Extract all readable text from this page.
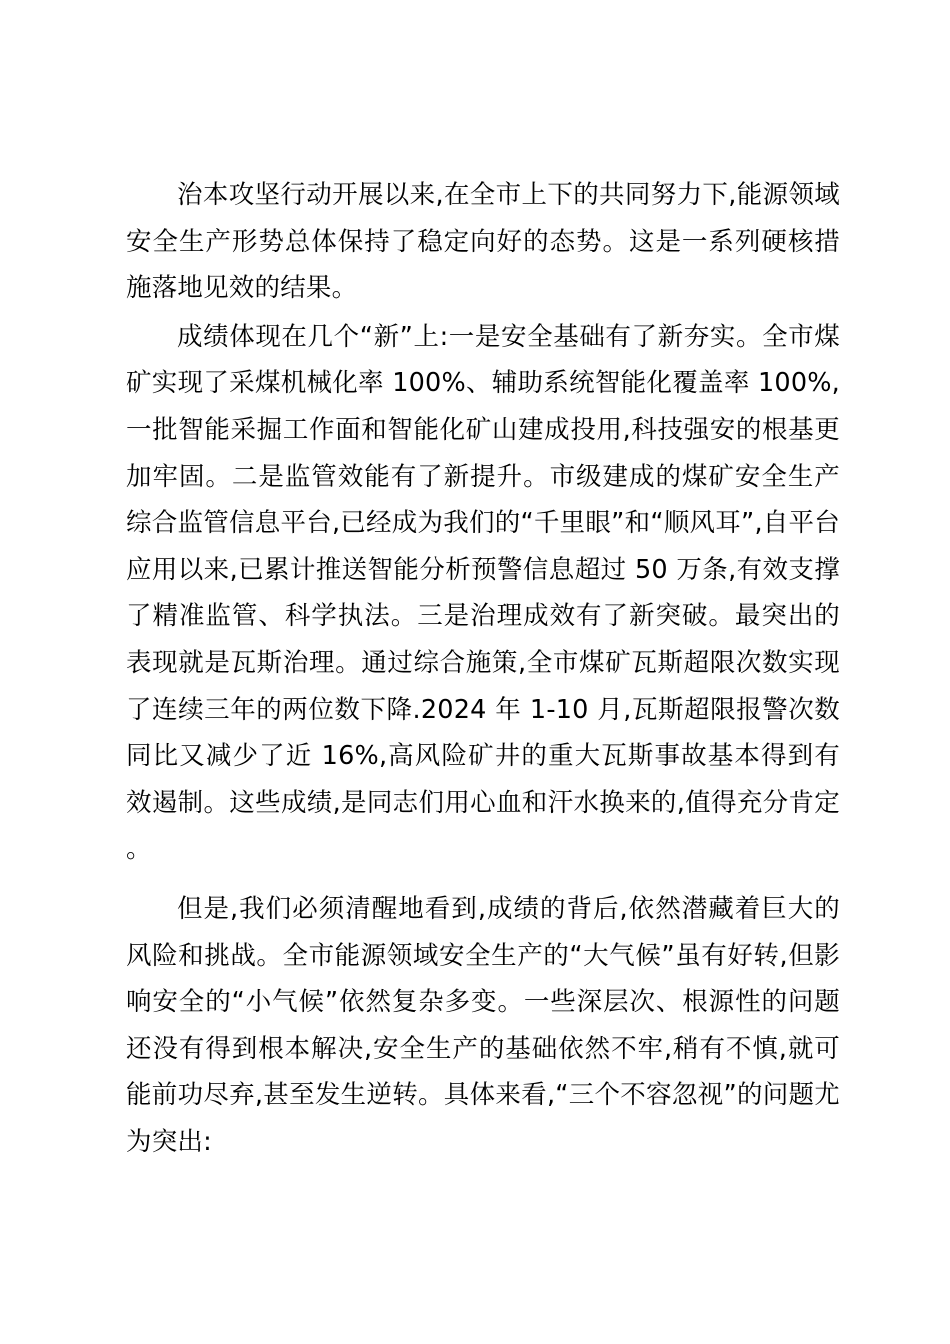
治本攻坚行动开展以来,在全市上下的共同努力下,能源领域安全生产形势总体保持了稳定向好的态势。这是一系列硬核措施落地见效的结果。

成绩体现在几个“新”上:一是安全基础有了新夯实。全市煤矿实现了采煤机械化率 100%、辅助系统智能化覆盖率 100%,一批智能采掘工作面和智能化矿山建成投用,科技强安的根基更加牢固。二是监管效能有了新提升。市级建成的煤矿安全生产综合监管信息平台,已经成为我们的“千里眼”和“顺风耳”,自平台应用以来,已累计推送智能分析预警信息超过 50 万条,有效支撑了精准监管、科学执法。三是治理成效有了新突破。最突出的表现就是瓦斯治理。通过综合施策,全市煤矿瓦斯超限次数实现了连续三年的两位数下降.2024 年 1-10 月,瓦斯超限报警次数同比又减少了近 16%,高风险矿井的重大瓦斯事故基本得到有效遏制。这些成绩,是同志们用心血和汗水换来的,值得充分肯定。

但是,我们必须清醒地看到,成绩的背后,依然潜藏着巨大的风险和挑战。全市能源领域安全生产的“大气候”虽有好转,但影响安全的“小气候”依然复杂多变。一些深层次、根源性的问题还没有得到根本解决,安全生产的基础依然不牢,稍有不慎,就可能前功尽弃,甚至发生逆转。具体来看,“三个不容忽视”的问题尤为突出:
